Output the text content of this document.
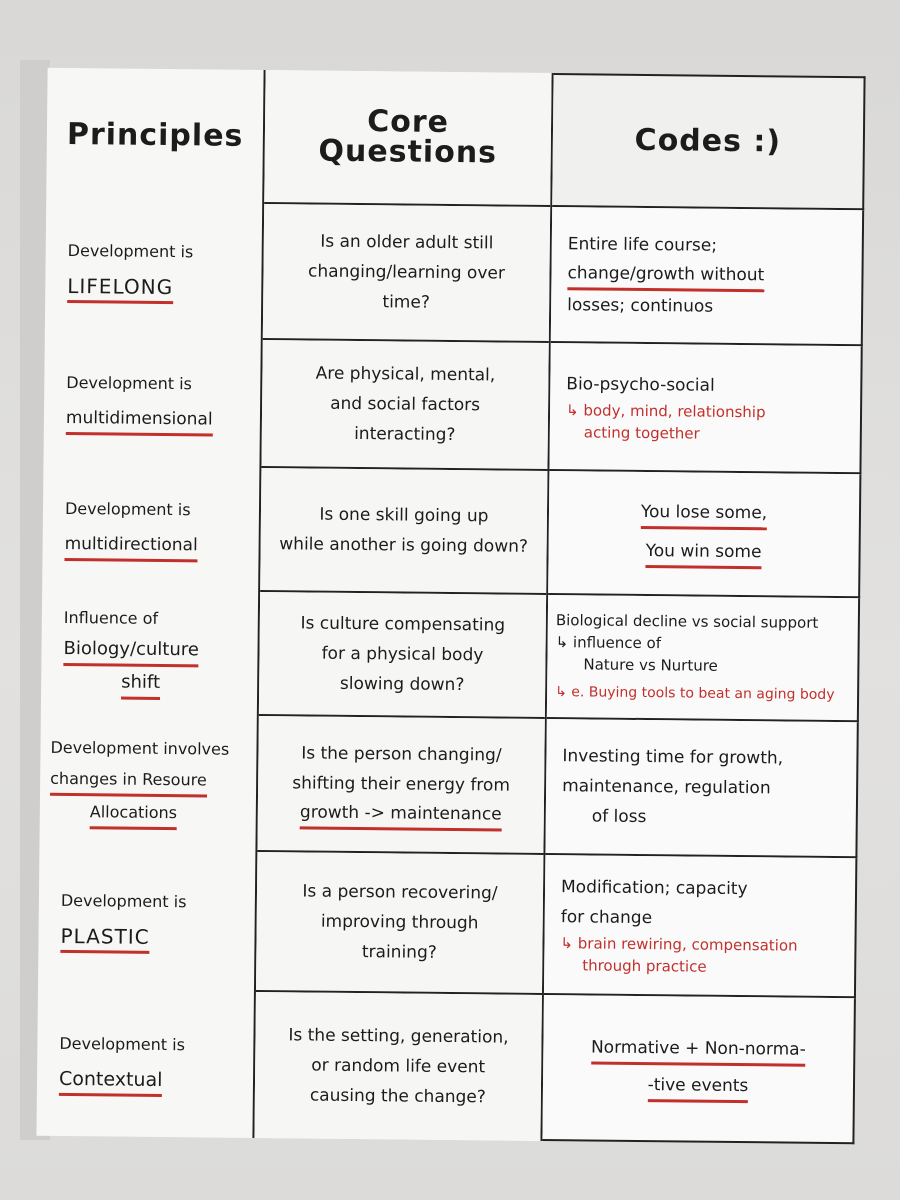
Principles
Development is
LIFELONG
Development is
multidimensional
Development is
multidirectional
Influence of
Biology/culture
shift
Development involves
changes in Resoure
Allocations
Development is
PLASTIC
Development is
Contextual
Core Questions
Is an older adult still
changing/learning over
time?
Are physical, mental,
and social factors
interacting?
Is one skill going up
while another is going down?
Is culture compensating
for a physical body
slowing down?
Is the person changing/
shifting their energy from
growth -> maintenance
Is a person recovering/
improving through
training?
Is the setting, generation,
or random life event
causing the change?
Codes :)
Entire life course;
change/growth without
losses; continuos
Bio-psycho-social
↳ body, mind, relationship
acting together
You lose some,
You win some
Biological decline vs social support
↳ influence of
Nature vs Nurture
↳ e. Buying tools to beat an aging body
Investing time for growth,
maintenance, regulation
of loss
Modification; capacity
for change
↳ brain rewiring, compensation
through practice
Normative + Non-norma-
-tive events
